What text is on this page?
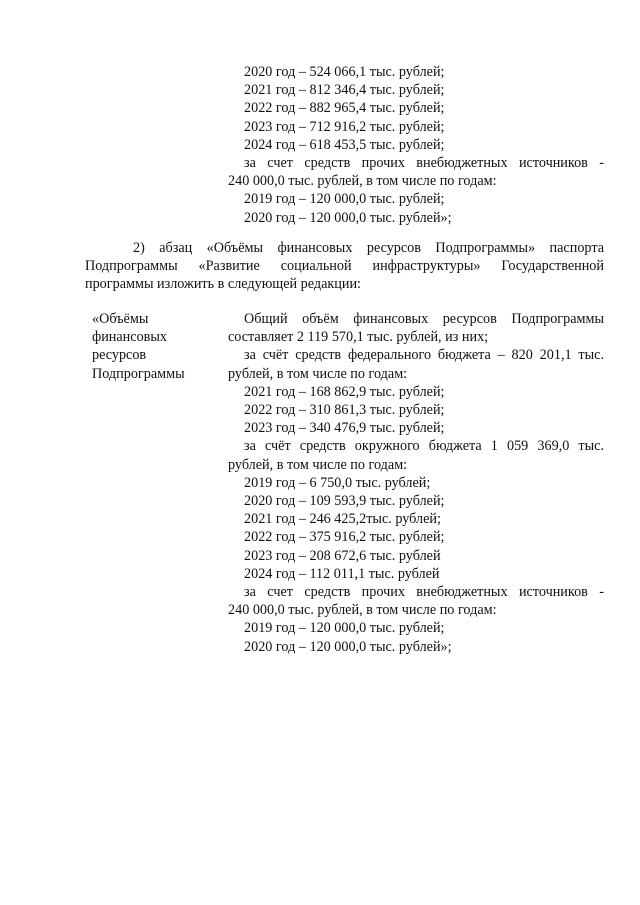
2020 год – 524 066,1 тыс. рублей;
2021 год – 812 346,4 тыс. рублей;
2022 год – 882 965,4 тыс. рублей;
2023 год – 712 916,2 тыс. рублей;
2024 год – 618 453,5 тыс. рублей;
за счет средств прочих внебюджетных источников -
240 000,0 тыс. рублей, в том числе по годам:
2019 год – 120 000,0 тыс. рублей;
2020 год – 120 000,0 тыс. рублей»;
2) абзац «Объёмы финансовых ресурсов Подпрограммы» паспорта
Подпрограммы «Развитие социальной инфраструктуры» Государственной
программы изложить в следующей редакции:
«Объёмы
финансовых
ресурсов
Подпрограммы
Общий объём финансовых ресурсов Подпрограммы
составляет 2 119 570,1 тыс. рублей, из них;
за счёт средств федерального бюджета – 820 201,1 тыс.
рублей, в том числе по годам:
2021 год – 168 862,9 тыс. рублей;
2022 год – 310 861,3 тыс. рублей;
2023 год – 340 476,9 тыс. рублей;
за счёт средств окружного бюджета 1 059 369,0 тыс.
рублей, в том числе по годам:
2019 год – 6 750,0 тыс. рублей;
2020 год – 109 593,9 тыс. рублей;
2021 год – 246 425,2тыс. рублей;
2022 год – 375 916,2 тыс. рублей;
2023 год – 208 672,6 тыс. рублей
2024 год – 112 011,1 тыс. рублей
за счет средств прочих внебюджетных источников -
240 000,0 тыс. рублей, в том числе по годам:
2019 год – 120 000,0 тыс. рублей;
2020 год – 120 000,0 тыс. рублей»;
